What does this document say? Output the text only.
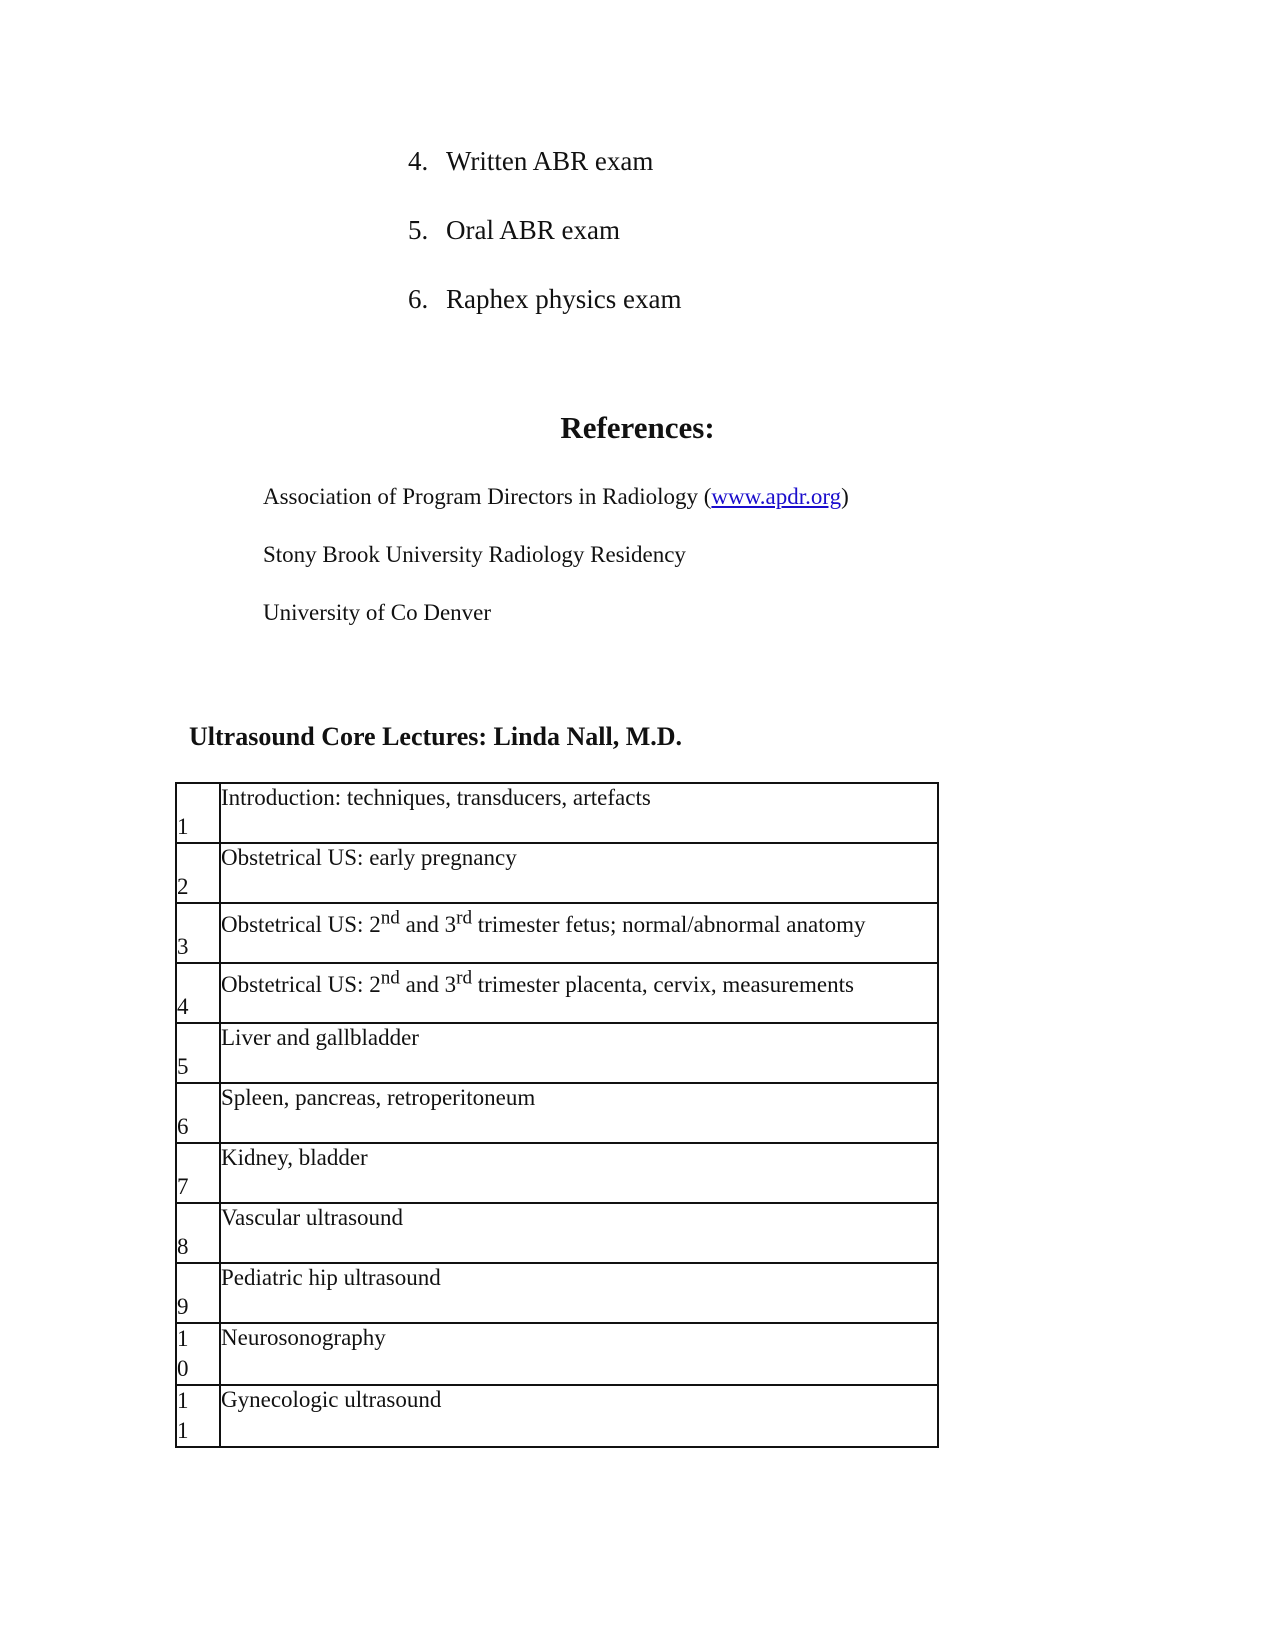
4. Written ABR exam
5. Oral ABR exam
6. Raphex physics exam
References:

Association of Program Directors in Radiology (www.apdr.org)

Stony Brook University Radiology Residency

University of Co Denver

Ultrasound Core Lectures: Linda Nall, M.D.
1	Introduction: techniques, transducers, artefacts

2	Obstetrical US: early pregnancy

3	Obstetrical US: 2nd and 3rd trimester fetus; normal/abnormal anatomy

4	Obstetrical US: 2nd and 3rd trimester placenta, cervix, measurements

5	Liver and gallbladder

6	Spleen, pancreas, retroperitoneum

7	Kidney, bladder

8	Vascular ultrasound

9	Pediatric hip ultrasound

10	Neurosonography

11	Gynecologic ultrasound
